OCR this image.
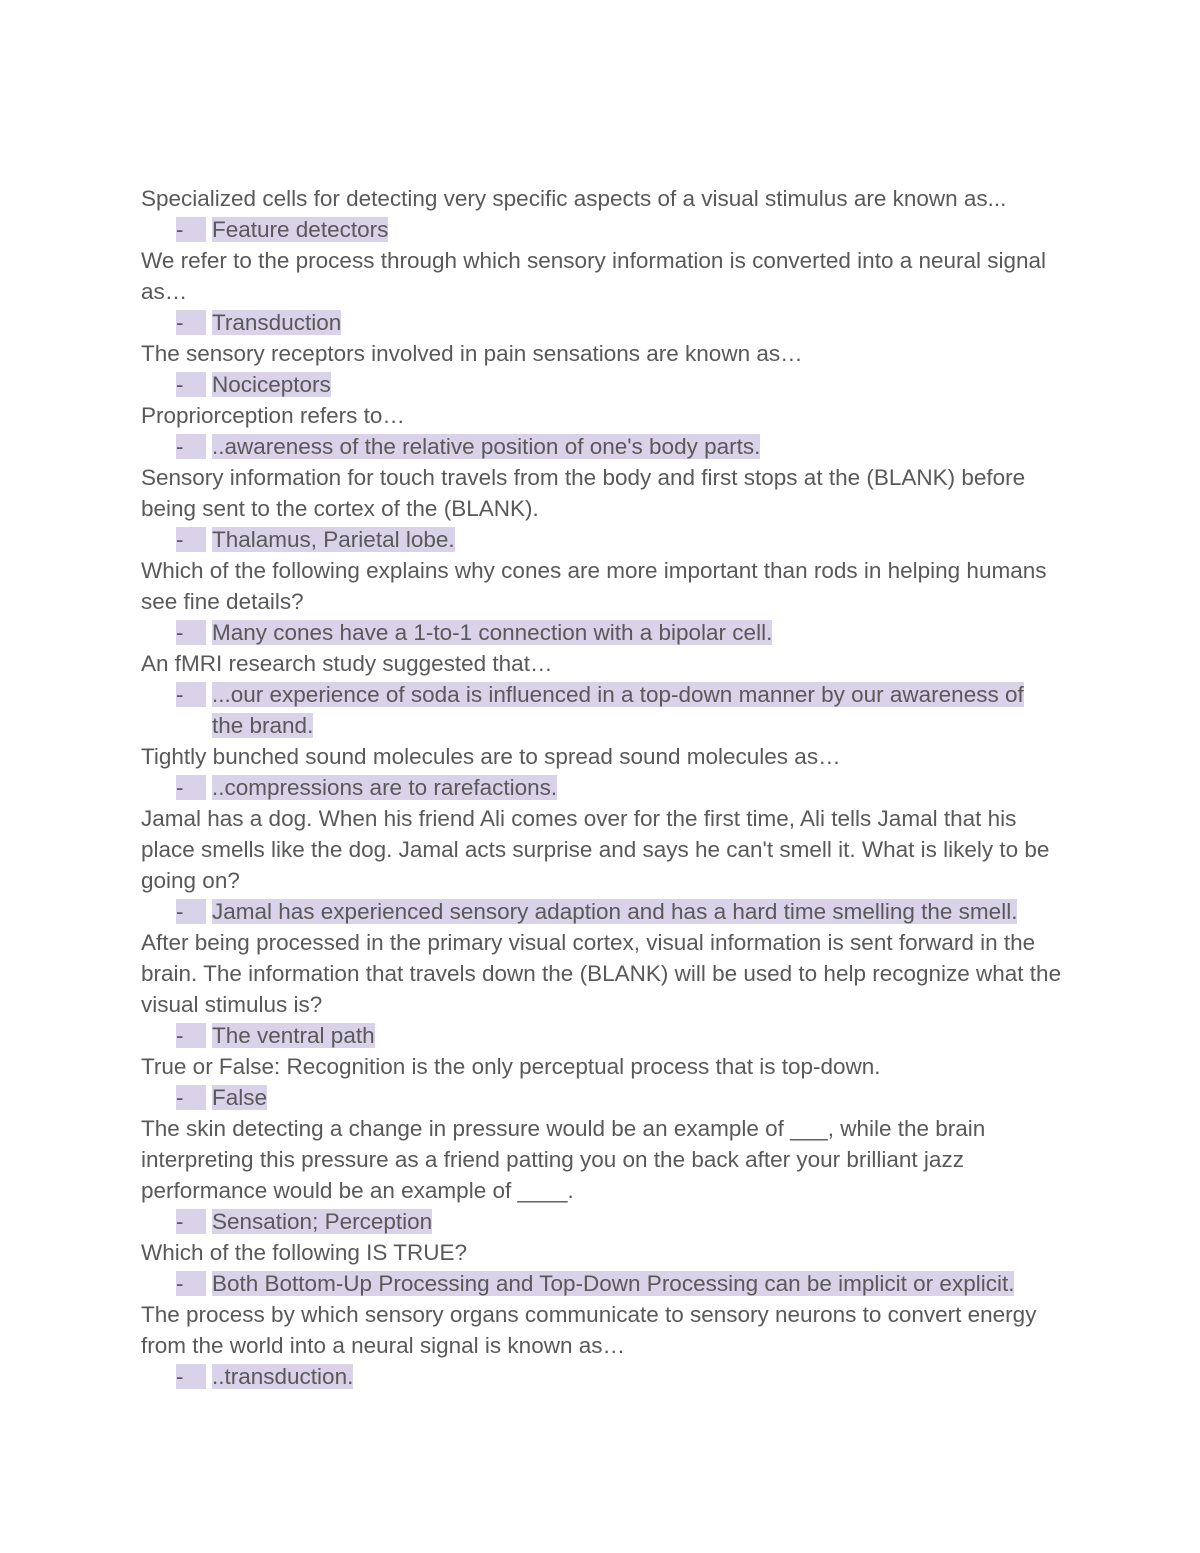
Specialized cells for detecting very specific aspects of a visual stimulus are known as...

-	Feature detectors

We refer to the process through which sensory information is converted into a neural signal as…

-	Transduction

The sensory receptors involved in pain sensations are known as…

-	Nociceptors

Propriorception refers to…

-	..awareness of the relative position of one's body parts.

Sensory information for touch travels from the body and first stops at the (BLANK) before being sent to the cortex of the (BLANK).

-	Thalamus, Parietal lobe.

Which of the following explains why cones are more important than rods in helping humans see fine details?

-	Many cones have a 1-to-1 connection with a bipolar cell.

An fMRI research study suggested that…

-	...our experience of soda is influenced in a top-down manner by our awareness of the brand.

Tightly bunched sound molecules are to spread sound molecules as…

-	..compressions are to rarefactions.

Jamal has a dog. When his friend Ali comes over for the first time, Ali tells Jamal that his place smells like the dog. Jamal acts surprise and says he can't smell it. What is likely to be going on?

-	Jamal has experienced sensory adaption and has a hard time smelling the smell.

After being processed in the primary visual cortex, visual information is sent forward in the brain. The information that travels down the (BLANK) will be used to help recognize what the visual stimulus is?

-	The ventral path

True or False: Recognition is the only perceptual process that is top-down.

-	False

The skin detecting a change in pressure would be an example of ___, while the brain interpreting this pressure as a friend patting you on the back after your brilliant jazz performance would be an example of ____.

-	Sensation; Perception

Which of the following IS TRUE?

-	Both Bottom-Up Processing and Top-Down Processing can be implicit or explicit.

The process by which sensory organs communicate to sensory neurons to convert energy from the world into a neural signal is known as…

-	..transduction.
